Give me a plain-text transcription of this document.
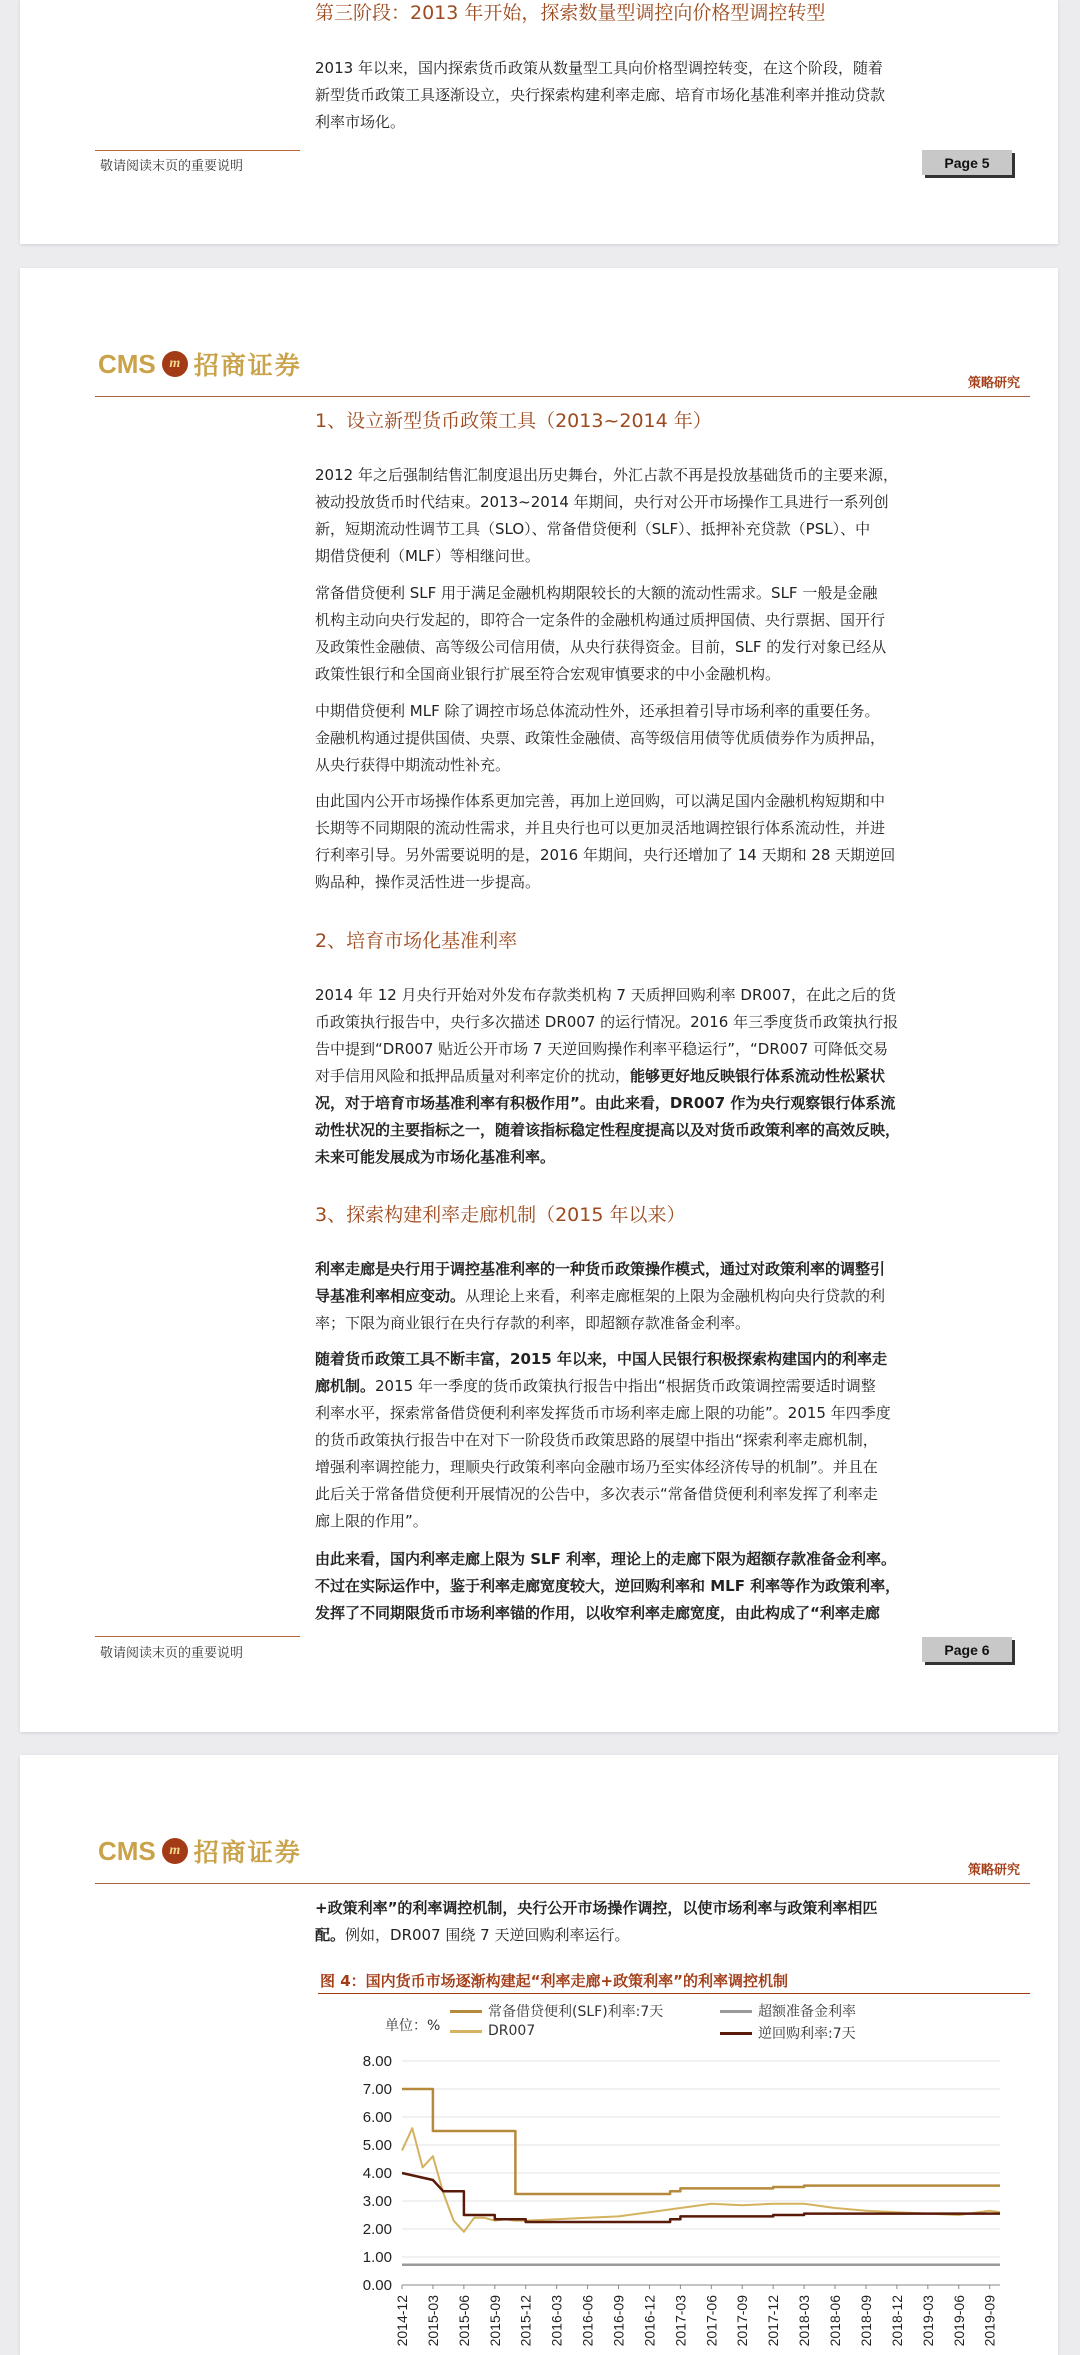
第三阶段：2013 年开始，探索数量型调控向价格型调控转型
2013 年以来，国内探索货币政策从数量型工具向价格型调控转变，在这个阶段，随着
新型货币政策工具逐渐设立，央行探索构建利率走廊、培育市场化基准利率并推动贷款
利率市场化。
敬请阅读末页的重要说明	Page 5
CMS m 招商证券
策略研究
1、设立新型货币政策工具（2013~2014 年）
2012 年之后强制结售汇制度退出历史舞台，外汇占款不再是投放基础货币的主要来源，
被动投放货币时代结束。2013~2014 年期间，央行对公开市场操作工具进行一系列创
新，短期流动性调节工具（SLO）、常备借贷便利（SLF）、抵押补充贷款（PSL）、中
期借贷便利（MLF）等相继问世。
常备借贷便利 SLF 用于满足金融机构期限较长的大额的流动性需求。SLF 一般是金融
机构主动向央行发起的，即符合一定条件的金融机构通过质押国债、央行票据、国开行
及政策性金融债、高等级公司信用债，从央行获得资金。目前，SLF 的发行对象已经从
政策性银行和全国商业银行扩展至符合宏观审慎要求的中小金融机构。
中期借贷便利 MLF 除了调控市场总体流动性外，还承担着引导市场利率的重要任务。
金融机构通过提供国债、央票、政策性金融债、高等级信用债等优质债券作为质押品，
从央行获得中期流动性补充。
由此国内公开市场操作体系更加完善，再加上逆回购，可以满足国内金融机构短期和中
长期等不同期限的流动性需求，并且央行也可以更加灵活地调控银行体系流动性，并进
行利率引导。另外需要说明的是，2016 年期间，央行还增加了 14 天期和 28 天期逆回
购品种，操作灵活性进一步提高。
2、培育市场化基准利率
2014 年 12 月央行开始对外发布存款类机构 7 天质押回购利率 DR007，在此之后的货
币政策执行报告中，央行多次描述 DR007 的运行情况。2016 年三季度货币政策执行报
告中提到“DR007 贴近公开市场 7 天逆回购操作利率平稳运行”，“DR007 可降低交易
对手信用风险和抵押品质量对利率定价的扰动，能够更好地反映银行体系流动性松紧状
况，对于培育市场基准利率有积极作用”。由此来看，DR007 作为央行观察银行体系流
动性状况的主要指标之一，随着该指标稳定性程度提高以及对货币政策利率的高效反映，
未来可能发展成为市场化基准利率。
3、探索构建利率走廊机制（2015 年以来）
利率走廊是央行用于调控基准利率的一种货币政策操作模式，通过对政策利率的调整引
导基准利率相应变动。从理论上来看，利率走廊框架的上限为金融机构向央行贷款的利
率；下限为商业银行在央行存款的利率，即超额存款准备金利率。
随着货币政策工具不断丰富，2015 年以来，中国人民银行积极探索构建国内的利率走
廊机制。2015 年一季度的货币政策执行报告中指出“根据货币政策调控需要适时调整
利率水平，探索常备借贷便利利率发挥货币市场利率走廊上限的功能”。2015 年四季度
的货币政策执行报告中在对下一阶段货币政策思路的展望中指出“探索利率走廊机制，
增强利率调控能力，理顺央行政策利率向金融市场乃至实体经济传导的机制”。并且在
此后关于常备借贷便利开展情况的公告中，多次表示“常备借贷便利利率发挥了利率走
廊上限的作用”。
由此来看，国内利率走廊上限为 SLF 利率，理论上的走廊下限为超额存款准备金利率。
不过在实际运作中，鉴于利率走廊宽度较大，逆回购利率和 MLF 利率等作为政策利率，
发挥了不同期限货币市场利率锚的作用，以收窄利率走廊宽度，由此构成了“利率走廊
敬请阅读末页的重要说明	Page 6
CMS m 招商证券
策略研究
+政策利率”的利率调控机制，央行公开市场操作调控，以使市场利率与政策利率相匹
配。例如，DR007 围绕 7 天逆回购利率运行。
图 4：国内货币市场逐渐构建起“利率走廊+政策利率”的利率调控机制
单位：%
常备借贷便利(SLF)利率:7天	超额准备金利率
DR007	逆回购利率:7天
0.00
1.00
2.00
3.00
4.00
5.00
6.00
7.00
8.00
2014-12 2015-03 2015-06 2015-09 2015-12 2016-03 2016-06 2016-09 2016-12 2017-03 2017-06 2017-09 2017-12 2018-03 2018-06 2018-09 2018-12 2019-03 2019-06 2019-09
